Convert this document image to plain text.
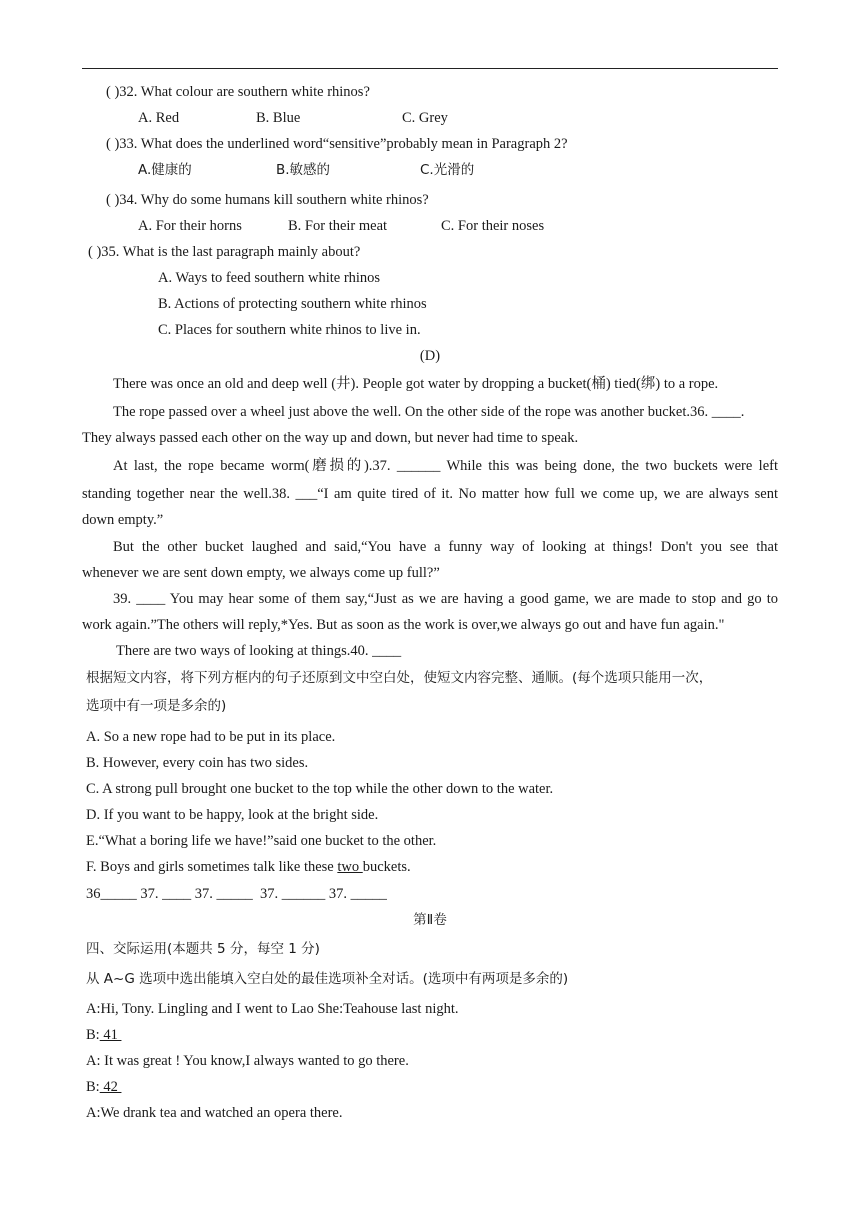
( )32. What colour are southern white rhinos?
A. Red	B. Blue	C. Grey
( )33. What does the underlined word“sensitive”probably mean in Paragraph 2?
A.健康的	B.敏感的	C.光滑的
( )34. Why do some humans kill southern white rhinos?
A. For their horns	B. For their meat	C. For their noses
( )35. What is the last paragraph mainly about?
A. Ways to feed southern white rhinos
B. Actions of protecting southern white rhinos
C. Places for southern white rhinos to live in.
(D)
There was once an old and deep well (井). People got water by dropping a bucket(桶) tied(绑) to a rope.
The rope passed over a wheel just above the well. On the other side of the rope was another bucket.36. ____.
They always passed each other on the way up and down, but never had time to speak.
At last, the rope became worm(磨损的).37. ______ While this was being done, the two buckets were left
standing together near the well.38. ___“I am quite tired of it. No matter how full we come up, we are always sent
down empty.”
But the other bucket laughed and said,“You have a funny way of looking at things! Don't you see that
whenever we are sent down empty, we always come up full?”
39. ____ You may hear some of them say,“Just as we are having a good game, we are made to stop and go to
work again.”The others will reply,*Yes. But as soon as the work is over,we always go out and have fun again."
There are two ways of looking at things.40. ____
根据短文内容，将下列方框内的句子还原到文中空白处，使短文内容完整、通顺。(每个选项只能用一次，
选项中有一项是多余的)
A. So a new rope had to be put in its place.
B. However, every coin has two sides.
C. A strong pull brought one bucket to the top while the other down to the water.
D. If you want to be happy, look at the bright side.
E.“What a boring life we have!”said one bucket to the other.
F. Boys and girls sometimes talk like these two buckets.
36_____ 37. ____ 37. _____  37. ______ 37. _____
第Ⅱ卷
四、交际运用(本题共 5 分，每空 1 分)
从 A~G 选项中选出能填入空白处的最佳选项补全对话。(选项中有两项是多余的)
A:Hi, Tony. Lingling and I went to Lao She:Teahouse last night.
B: 41
A: It was great ! You know,I always wanted to go there.
B: 42
A:We drank tea and watched an opera there.
